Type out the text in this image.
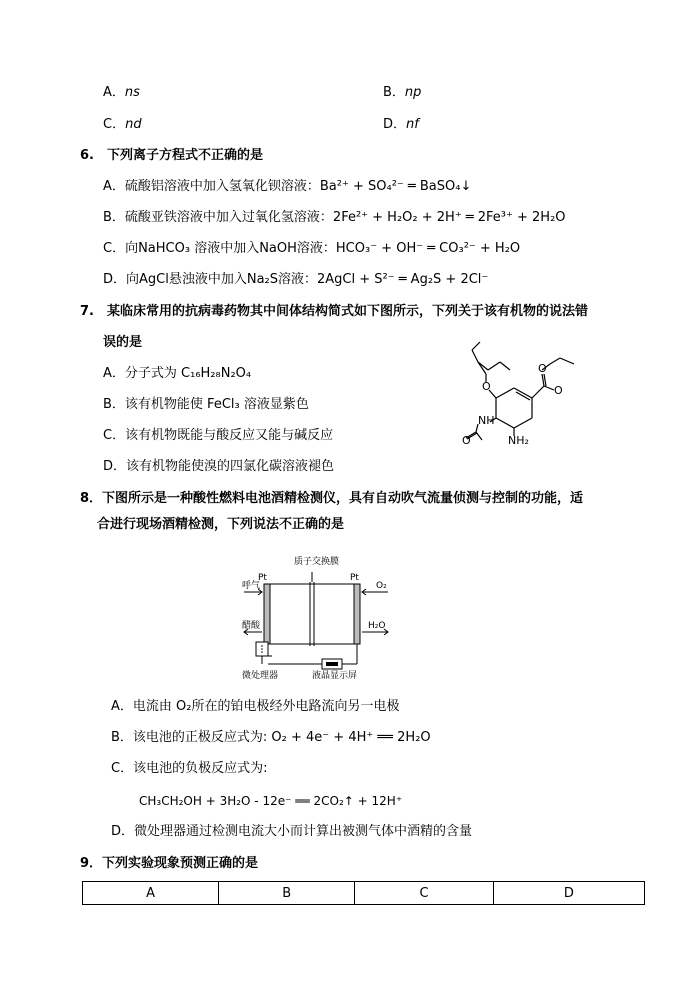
A．ns	B．np
C．nd	D．nf
6.　下列离子方程式不正确的是
A．硫酸铝溶液中加入氢氧化钡溶液：Ba²⁺ + SO₄²⁻ ═ BaSO₄↓
B．硫酸亚铁溶液中加入过氧化氢溶液：2Fe²⁺ + H₂O₂ + 2H⁺ ═ 2Fe³⁺ + 2H₂O
C．向NaHCO₃ 溶液中加入NaOH溶液：HCO₃⁻ + OH⁻ ═ CO₃²⁻ + H₂O
D．向AgCl悬浊液中加入Na₂S溶液：2AgCl + S²⁻ ═ Ag₂S + 2Cl⁻
7.　某临床常用的抗病毒药物其中间体结构简式如下图所示，下列关于该有机物的说法错
误的是
A．分子式为 C₁₆H₂₈N₂O₄
B．该有机物能使 FeCl₃ 溶液显紫色
C．该有机物既能与酸反应又能与碱反应
D．该有机物能使溴的四氯化碳溶液褪色
O
O
O
NH
NH₂
O
8．下图所示是一种酸性燃料电池酒精检测仪，具有自动吹气流量侦测与控制的功能，适
合进行现场酒精检测，下列说法不正确的是
质子交换膜
Pt	Pt
呼气	O₂
醋酸	H₂O
微处理器	液晶显示屏
A．电流由 O₂所在的铂电极经外电路流向另一电极
B．该电池的正极反应式为: O₂ + 4e⁻ + 4H⁺ ══ 2H₂O
C．该电池的负极反应式为:
CH₃CH₂OH + 3H₂O - 12e⁻ ══ 2CO₂↑ + 12H⁺
D．微处理器通过检测电流大小而计算出被测气体中酒精的含量
9．下列实验现象预测正确的是
A	B	C	D
